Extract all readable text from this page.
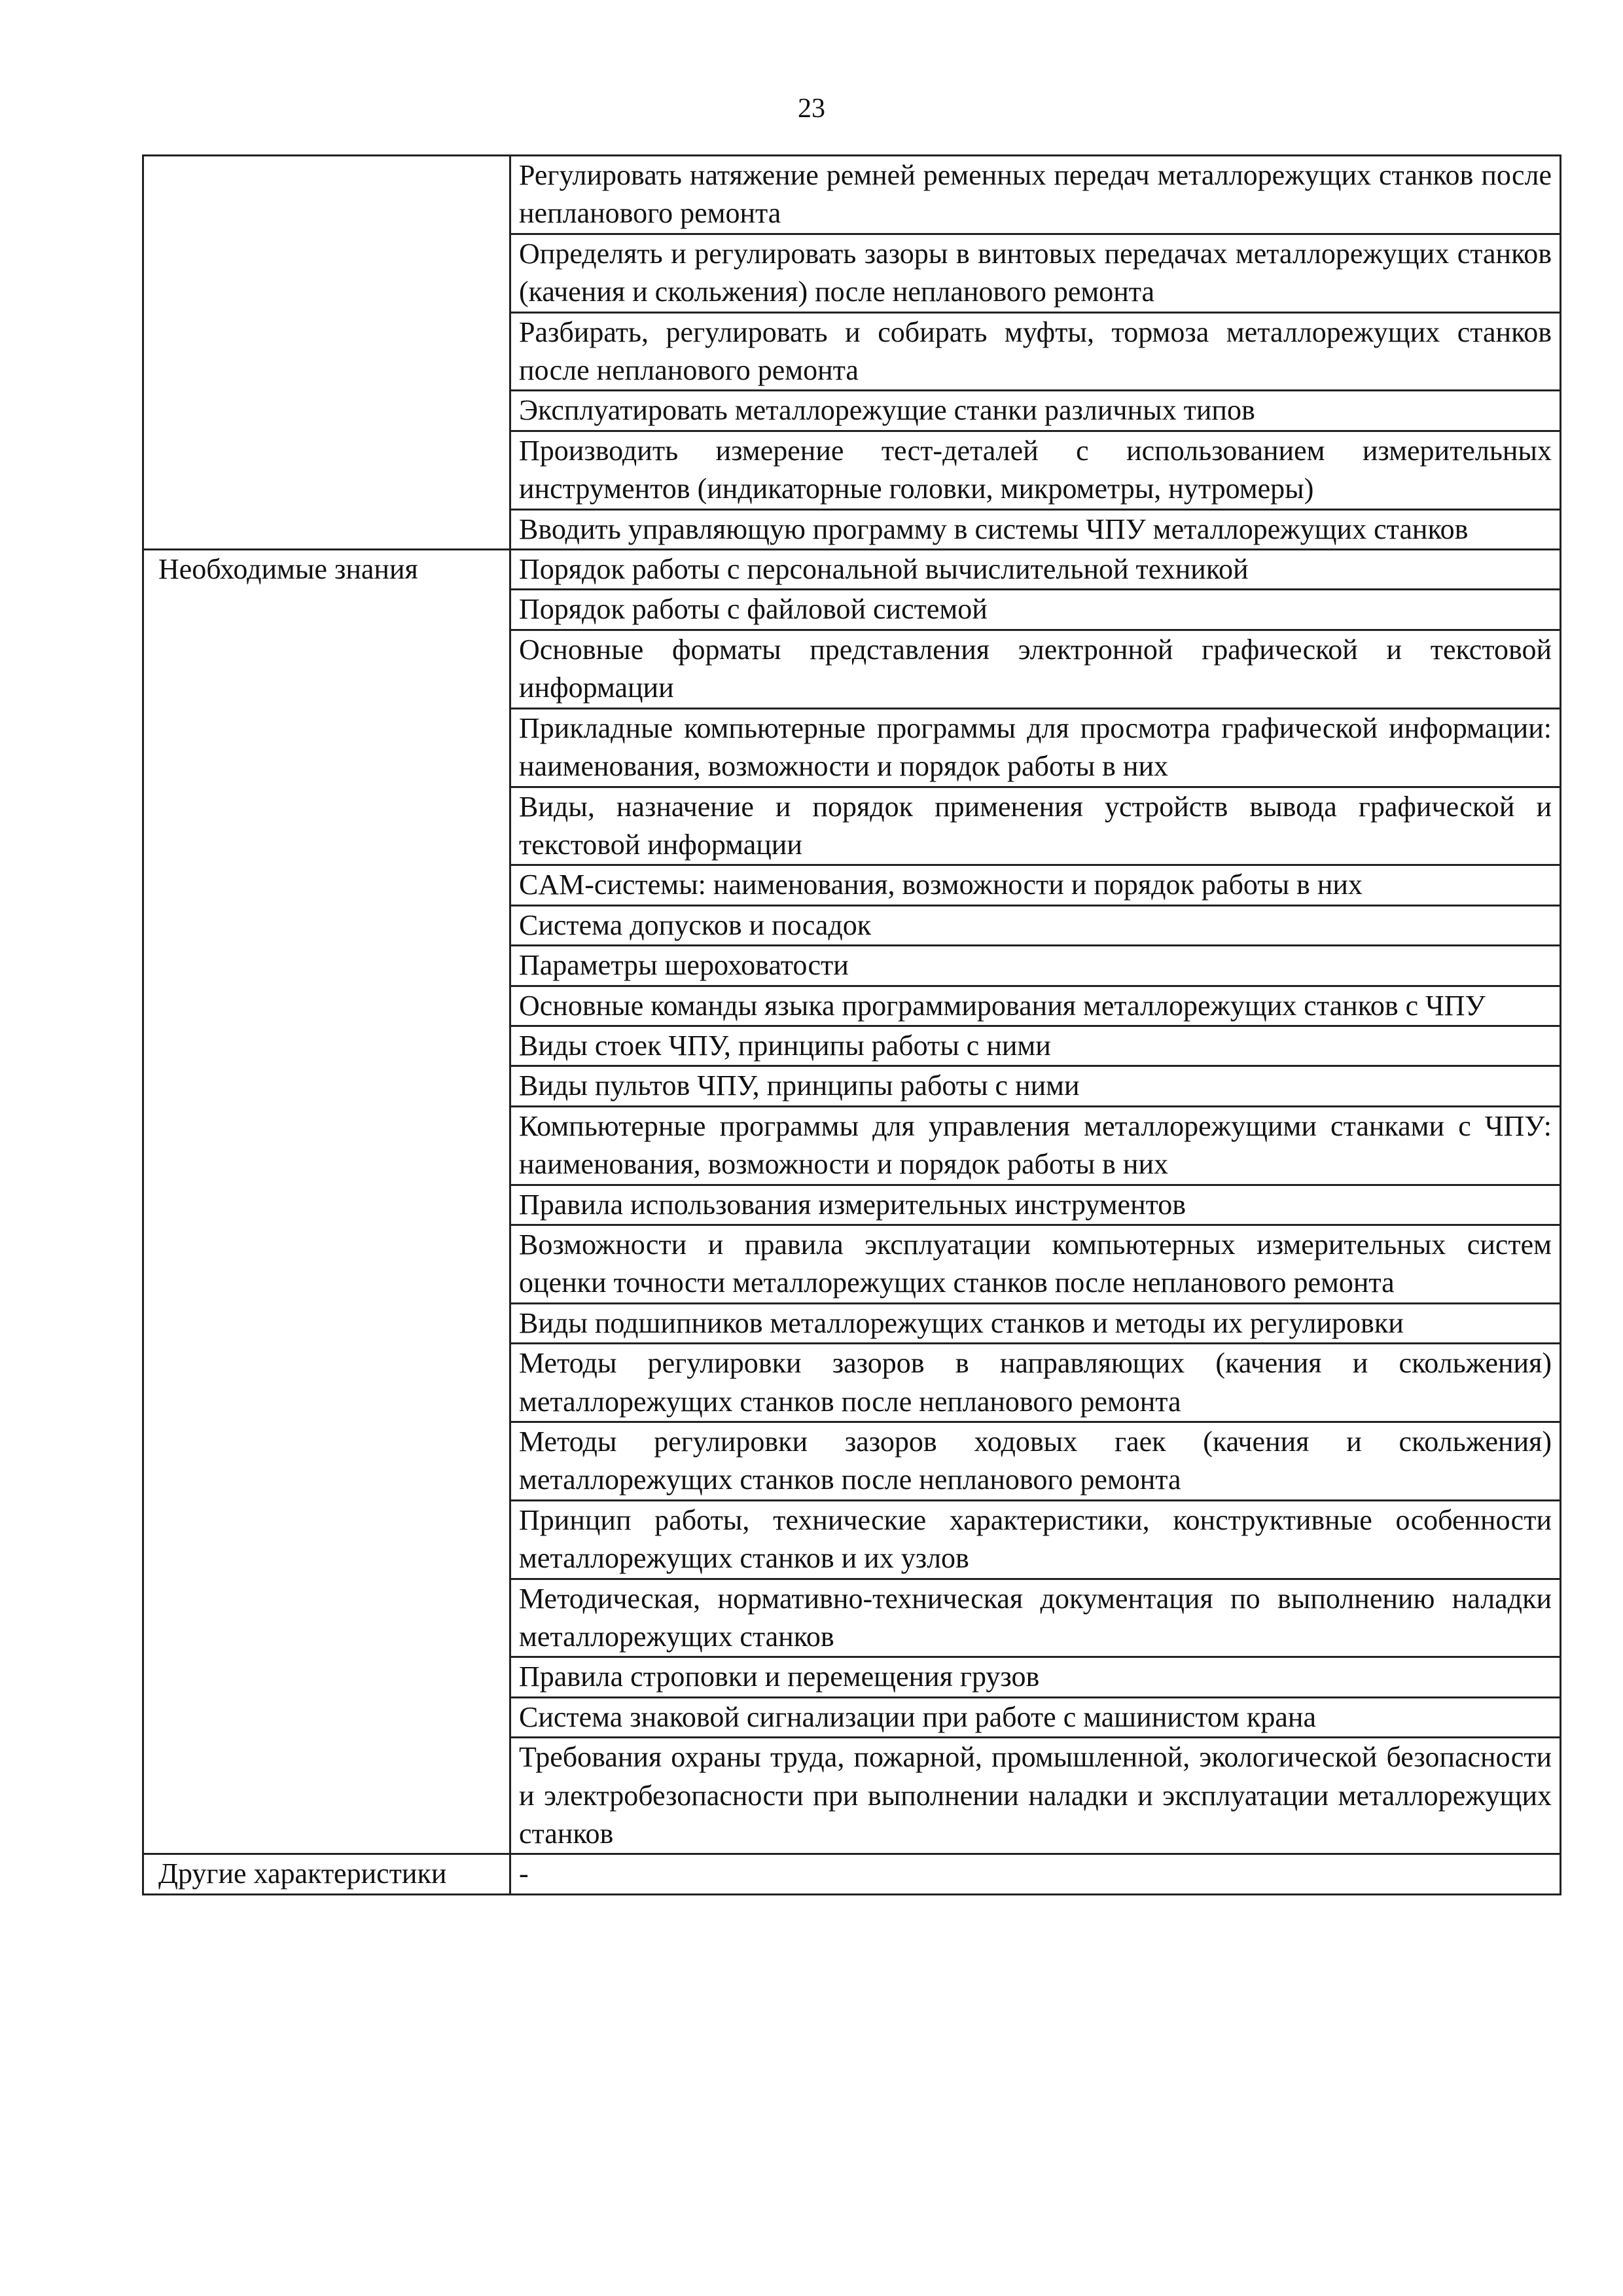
23
	Регулировать натяжение ремней ременных передач металлорежущих станков после непланового ремонта
	Определять и регулировать зазоры в винтовых передачах металлорежущих станков (качения и скольжения) после непланового ремонта
	Разбирать, регулировать и собирать муфты, тормоза металлорежущих станков после непланового ремонта
	Эксплуатировать металлорежущие станки различных типов
	Производить измерение тест-деталей с использованием измерительных инструментов (индикаторные головки, микрометры, нутромеры)
	Вводить управляющую программу в системы ЧПУ металлорежущих станков
Необходимые знания	Порядок работы с персональной вычислительной техникой
	Порядок работы с файловой системой
	Основные форматы представления электронной графической и текстовой информации
	Прикладные компьютерные программы для просмотра графической информации: наименования, возможности и порядок работы в них
	Виды, назначение и порядок применения устройств вывода графической и текстовой информации
	CAM-системы: наименования, возможности и порядок работы в них
	Система допусков и посадок
	Параметры шероховатости
	Основные команды языка программирования металлорежущих станков с ЧПУ
	Виды стоек ЧПУ, принципы работы с ними
	Виды пультов ЧПУ, принципы работы с ними
	Компьютерные программы для управления металлорежущими станками с ЧПУ: наименования, возможности и порядок работы в них
	Правила использования измерительных инструментов
	Возможности и правила эксплуатации компьютерных измерительных систем оценки точности металлорежущих станков после непланового ремонта
	Виды подшипников металлорежущих станков и методы их регулировки
	Методы регулировки зазоров в направляющих (качения и скольжения) металлорежущих станков после непланового ремонта
	Методы регулировки зазоров ходовых гаек (качения и скольжения) металлорежущих станков после непланового ремонта
	Принцип работы, технические характеристики, конструктивные особенности металлорежущих станков и их узлов
	Методическая, нормативно-техническая документация по выполнению наладки металлорежущих станков
	Правила строповки и перемещения грузов
	Система знаковой сигнализации при работе с машинистом крана
	Требования охраны труда, пожарной, промышленной, экологической безопасности и электробезопасности при выполнении наладки и эксплуатации металлорежущих станков
Другие характеристики	-
